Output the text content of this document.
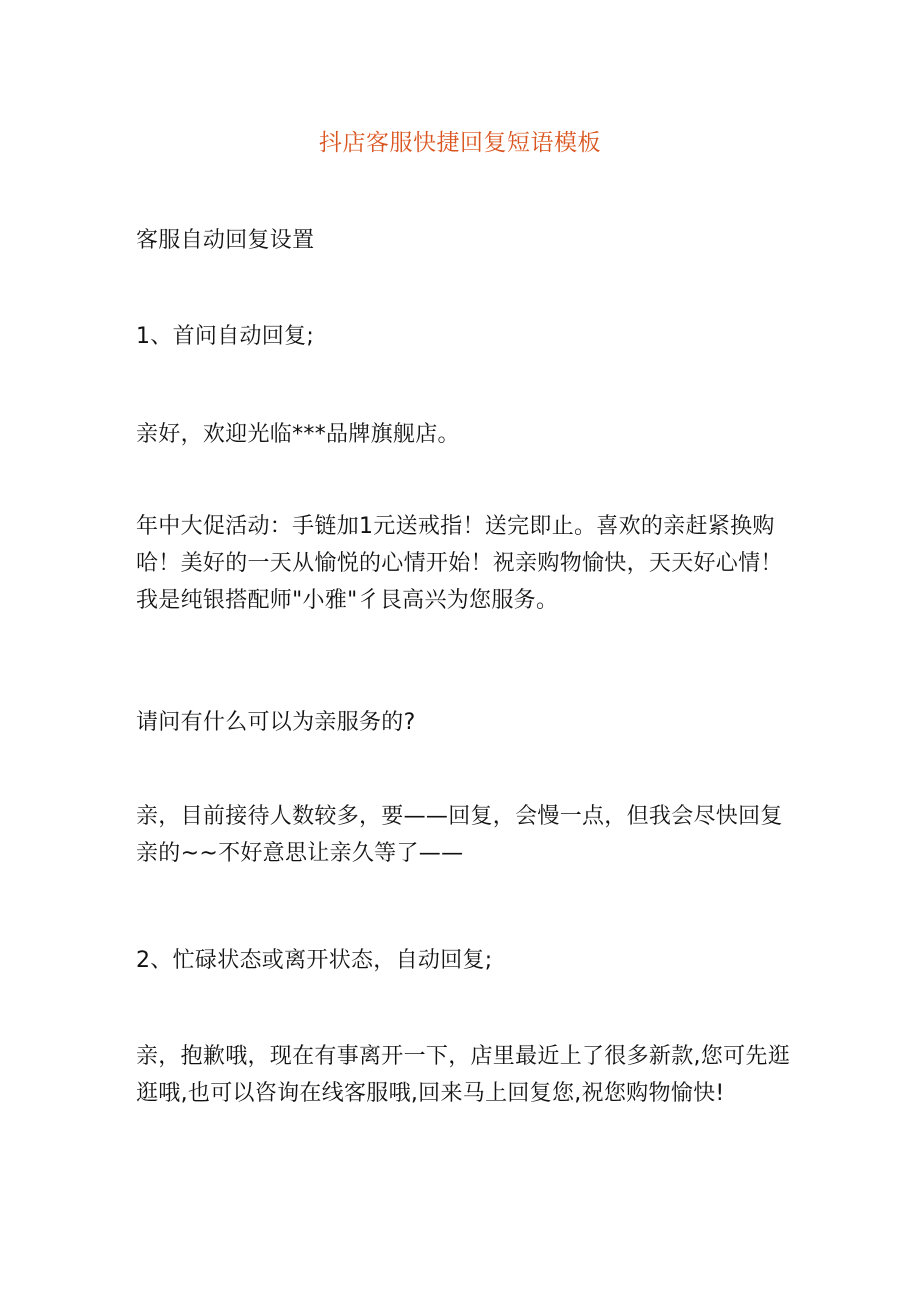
抖店客服快捷回复短语模板
客服自动回复设置
1、首问自动回复;
亲好，欢迎光临***品牌旗舰店。
年中大促活动：手链加1元送戒指！送完即止。喜欢的亲赶紧换购哈！美好的一天从愉悦的心情开始！祝亲购物愉快，天天好心情！我是纯银搭配师"小雅"彳艮高兴为您服务。
请问有什么可以为亲服务的?
亲，目前接待人数较多，要——回复，会慢一点，但我会尽快回复亲的~~不好意思让亲久等了——
2、忙碌状态或离开状态，自动回复;
亲，抱歉哦，现在有事离开一下，店里最近上了很多新款,您可先逛逛哦,也可以咨询在线客服哦,回来马上回复您,祝您购物愉快!
